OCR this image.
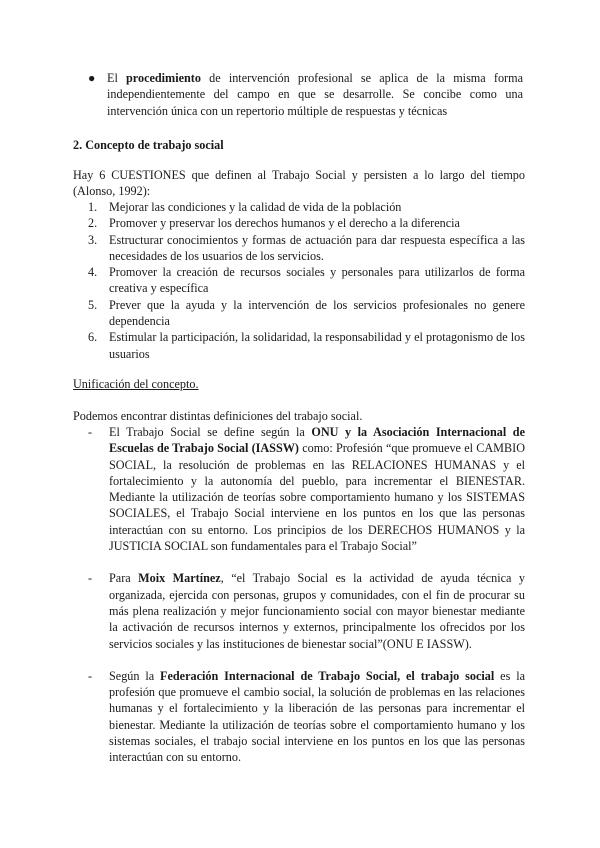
● El procedimiento de intervención profesional se aplica de la misma forma independientemente del campo en que se desarrolle. Se concibe como una intervención única con un repertorio múltiple de respuestas y técnicas
2. Concepto de trabajo social
Hay 6 CUESTIONES que definen al Trabajo Social y persisten a lo largo del tiempo (Alonso, 1992):
1. Mejorar las condiciones y la calidad de vida de la población
2. Promover y preservar los derechos humanos y el derecho a la diferencia
3. Estructurar conocimientos y formas de actuación para dar respuesta específica a las necesidades de los usuarios de los servicios.
4. Promover la creación de recursos sociales y personales para utilizarlos de forma creativa y específica
5. Prever que la ayuda y la intervención de los servicios profesionales no genere dependencia
6. Estimular la participación, la solidaridad, la responsabilidad y el protagonismo de los usuarios
Unificación del concepto.
Podemos encontrar distintas definiciones del trabajo social.
- El Trabajo Social se define según la ONU y la Asociación Internacional de Escuelas de Trabajo Social (IASSW) como: Profesión “que promueve el CAMBIO SOCIAL, la resolución de problemas en las RELACIONES HUMANAS y el fortalecimiento y la autonomía del pueblo, para incrementar el BIENESTAR. Mediante la utilización de teorías sobre comportamiento humano y los SISTEMAS SOCIALES, el Trabajo Social interviene en los puntos en los que las personas interactúan con su entorno. Los principios de los DERECHOS HUMANOS y la JUSTICIA SOCIAL son fundamentales para el Trabajo Social”
- Para Moix Martínez, “el Trabajo Social es la actividad de ayuda técnica y organizada, ejercida con personas, grupos y comunidades, con el fin de procurar su más plena realización y mejor funcionamiento social con mayor bienestar mediante la activación de recursos internos y externos, principalmente los ofrecidos por los servicios sociales y las instituciones de bienestar social”(ONU E IASSW).
- Según la Federación Internacional de Trabajo Social, el trabajo social es la profesión que promueve el cambio social, la solución de problemas en las relaciones humanas y el fortalecimiento y la liberación de las personas para incrementar el bienestar. Mediante la utilización de teorías sobre el comportamiento humano y los sistemas sociales, el trabajo social interviene en los puntos en los que las personas interactúan con su entorno.
